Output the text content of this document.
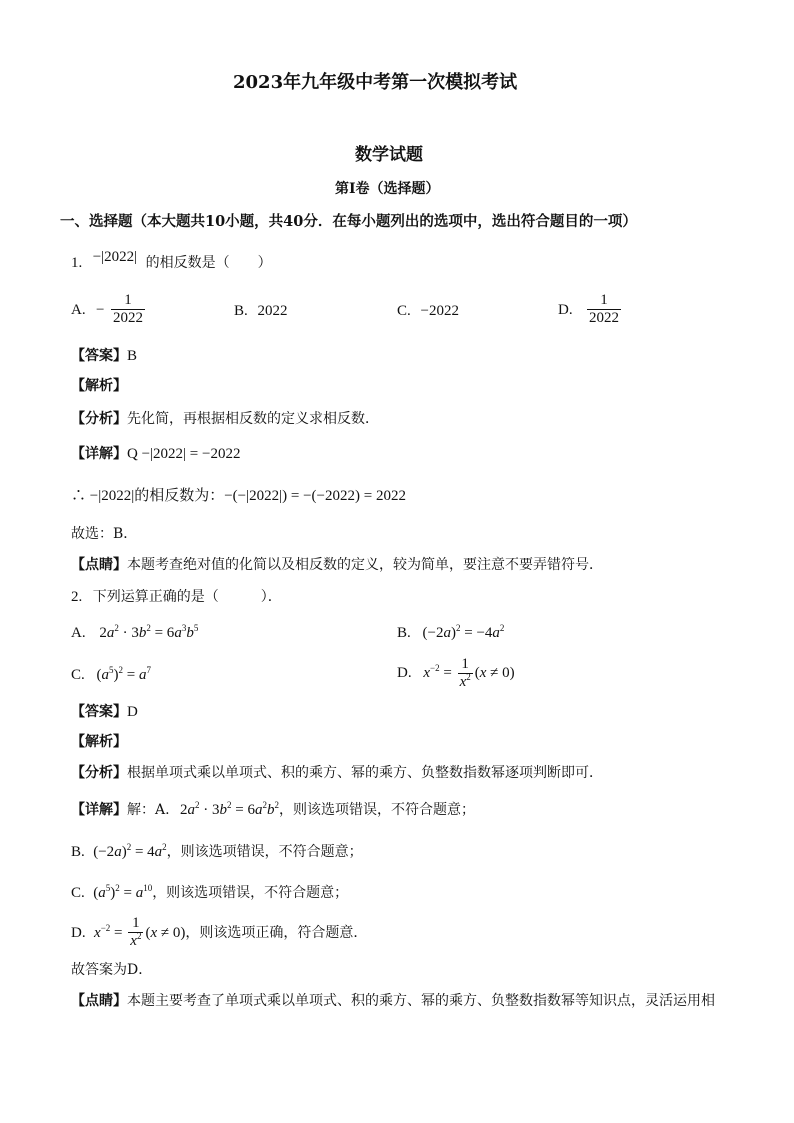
2023年九年级中考第一次模拟考试
数学试题
第I卷（选择题）
一、选择题（本大题共10小题，共40分．在每小题列出的选项中，选出符合题目的一项）
1. −|2022| 的相反数是（　　）
A. − $\frac{1}{2022}$	B. 2022	C. −2022	D. $\frac{1}{2022}$
【答案】B
【解析】
【分析】先化简，再根据相反数的定义求相反数．
【详解】Q −|2022| = −2022
∴ −|2022|的相反数为：−(−|2022|) = −(−2022) = 2022
故选：B．
【点睛】本题考查绝对值的化简以及相反数的定义，较为简单，要注意不要弄错符号．
2. 下列运算正确的是（　　　）．
A. $2a^2 \cdot 3b^2 = 6a^3b^5$	B. $(-2a)^2 = -4a^2$
C. $(a^5)^2 = a^7$	D. $x^{-2} = \frac{1}{x^2} (x \ne 0)$
【答案】D
【解析】
【分析】根据单项式乘以单项式、积的乘方、幂的乘方、负整数指数幂逐项判断即可．
【详解】解：A. $2a^2 \cdot 3b^2 = 6a^2b^2$，则该选项错误，不符合题意；
B. $(-2a)^2 = 4a^2$，则该选项错误，不符合题意；
C. $(a^5)^2 = a^{10}$，则该选项错误，不符合题意；
D. $x^{-2} = \frac{1}{x^2} (x \ne 0)$，则该选项正确，符合题意．
故答案为D．
【点睛】本题主要考查了单项式乘以单项式、积的乘方、幂的乘方、负整数指数幂等知识点，灵活运用相
